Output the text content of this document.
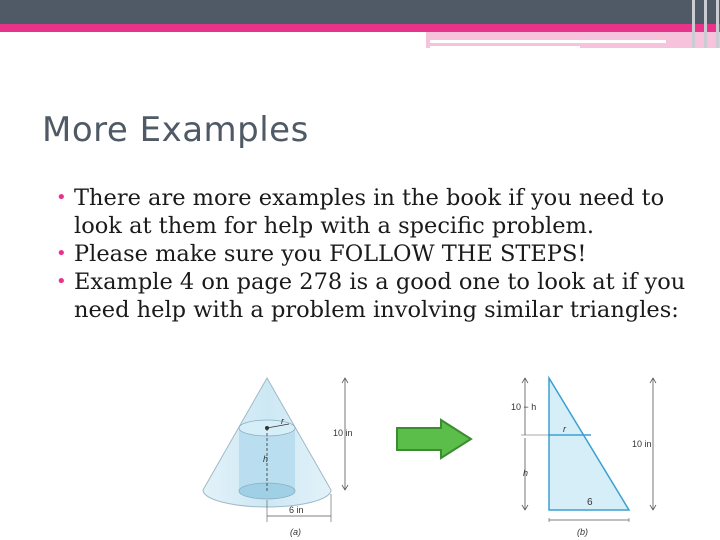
More Examples
• There are more examples in the book if you need to look at them for help with a specific problem.
• Please make sure you FOLLOW THE STEPS!
• Example 4 on page 278 is a good one to look at if you need help with a problem involving similar triangles:
r
h
10 in
6 in
(a)
r
10 − h
h
10 in
6
(b)
